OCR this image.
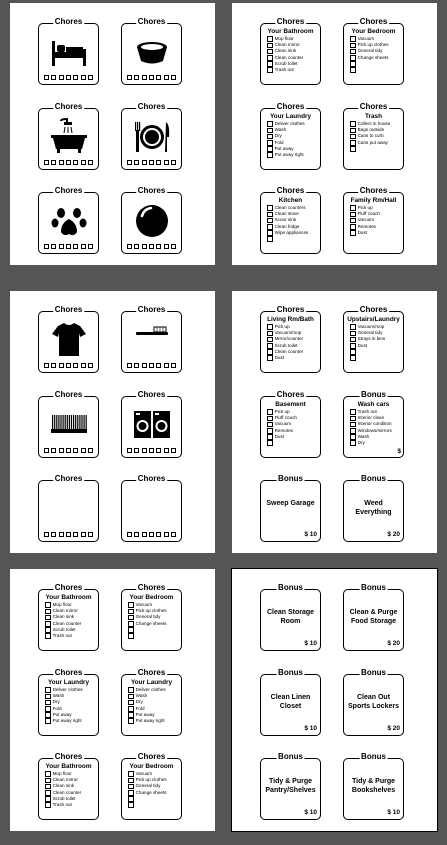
Chores	Chores
Chores	Chores
Chores	Chores
Chores
Your Bathroom
Mop floor
Clean mirror
Clean sink
Clean counter
Scrub toilet
Trash out
Chores
Your Bedroom
Vacuum
Pick up clothes
General tidy
Change sheets
Chores
Your Laundry
Deliver clothes
Wash
Dry
Fold
Put away
Put away right
Chores
Trash
Collect in house
Bags outside
Cans to curb
Cans put away
Chores
Kitchen
Clean counters
Clean stove
Scour sink
Clean fridge
Wipe appliances
Chores
Family Rm/Hall
Pick up
Fluff couch
Vacuum
Remotes
Dust
Chores	Chores
Chores	Chores
Chores	Chores
Chores
Living Rm/Bath
Pick up
Vacuum/mop
Mirror/counter
Scrub toilet
Clean counter
Dust
Chores
Upstairs/Laundry
Vacuum/mop
General tidy
Strays in bins
Dust
Chores
Basement
Pick up
Fluff couch
Vacuum
Remotes
Dust
Bonus
Wash cars
Trash out
Interior clean
Interior condition
Windows/mirrors
Wash
Dry
$
Bonus
Sweep Garage
$ 10
Bonus
Weed Everything
$ 20
Chores
Your Bathroom
Mop floor
Clean mirror
Clean sink
Clean counter
Scrub toilet
Trash out
Chores
Your Bedroom
Vacuum
Pick up clothes
General tidy
Change sheets
Chores
Your Laundry
Deliver clothes
Wash
Dry
Fold
Put away
Put away right
Chores
Your Laundry
Deliver clothes
Wash
Dry
Fold
Put away
Put away right
Chores
Your Bathroom
Mop floor
Clean mirror
Clean sink
Clean counter
Scrub toilet
Trash out
Chores
Your Bedroom
Vacuum
Pick up clothes
General tidy
Change sheets
Bonus
Clean Storage Room
$ 10
Bonus
Clean & Purge Food Storage
$ 20
Bonus
Clean Linen Closet
$ 10
Bonus
Clean Out Sports Lockers
$ 20
Bonus
Tidy & Purge Pantry/Shelves
$ 10
Bonus
Tidy & Purge Bookshelves
$ 10
